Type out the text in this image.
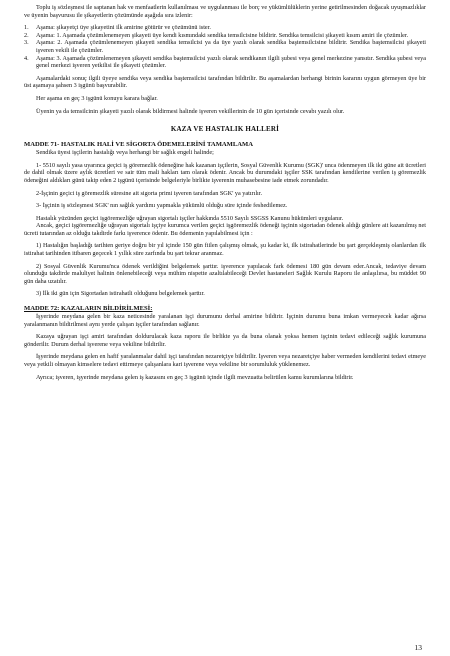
Toplu iş sözleşmesi ile saptanan hak ve menfaatlerin kullanılması ve uygulanması ile borç ve yükümlülüklerin yerine getirilmesinden doğacak uyuşmazlıklar ve üyenin başvurusu ile şikayetlerin çözümünde aşağıda sıra izlenir:

1.	Aşama: şikayetçi üye şikayetini ilk amirine götürür ve çözümünü ister.
2.	Aşama: 1. Aşamada çözümlenemeyen şikayeti üye kendi kısmındaki sendika temsilcisine bildirir. Sendika temsilcisi şikayeti kısım amiri ile çözümler.
3.	Aşama: 2. Aşamada çözümlenemeyen şikayeti sendika temsilcisi ya da üye yazılı olarak sendika baştemsilcisine bildirir. Sendika baştemsilcisi şikayeti işveren vekili ile çözümler.
4.	Aşama: 3. Aşamada çözümlenemeyen şikayeti sendika baştemsilcisi yazılı olarak sendikanın ilgili şubesi veya genel merkezine yansıtır. Sendika şubesi veya genel merkezi işveren yetkilisi ile şikayeti çözümler.

Aşamalardaki sonuç ilgili üyeye sendika veya sendika baştemsilcisi tarafından bildirilir. Bu aşamalardan herhangi birinin kararını uygun görmeyen üye bir üst aşamaya şahsen 3 işgünü başvurabilir.

Her aşama en geç 3 işgünü konuyu karara bağlar.

Üyenin ya da temsilcinin şikayeti yazılı olarak bildirmesi halinde işveren vekillerinin de 10 gün içerisinde cevabı yazılı olur.

KAZA VE HASTALIK HALLERİ
MADDE 71- HASTALIK HALİ VE SİGORTA ÖDEMELERİNİ TAMAMLAMA

Sendika üyesi işçilerin hastalığı veya herhangi bir sağlık engeli halinde;

1- 5510 sayılı yasa uyarınca geçici iş göremezlik ödeneğine hak kazanan işçilerin, Sosyal Güvenlik Kurumu (SGK)' unca ödenmeyen ilk iki güne ait ücretleri de dahil olmak üzere aylık ücretleri ve sair tüm mali hakları tam olarak ödenir. Ancak bu durumdaki işçiler SSK tarafından kendilerine verilen iş göremezlik ödeneğini aldıkları günü takip eden 2 işgünü içerisinde belgeleriyle birlikte işverenin muhasebesine iade etmek zorundadır.

2-İşçinin geçici iş göremezlik süresine ait sigorta primi işveren tarafından SGK' ya yatırılır.

3- İşçinin iş sözleşmesi SGK' nın sağlık yardımı yapmakla yükümlü olduğu süre içinde feshedilemez.

Hastalık yüzünden geçici işgöremezliğe uğrayan sigortalı işçiler hakkında 5510 Sayılı SSGSS Kanunu hükümleri uygulanır.

Ancak, geçici işgöremezliğe uğrayan sigortalı işçiye kurumca verilen geçici işgöremezlik ödeneği işçinin sigortadan ödenek aldığı günlere ait kazanılmış net ücreti tutarından az olduğu takdirde farkı işverence ödenir. Bu ödemenin yapılabilmesi için :

1) Hastalığın başladığı tarihten geriye doğru bir yıl içinde 150 gün fiilen çalışmış olmak, şu kadar ki, ilk istirahatlerinde bu şart gerçekleşmiş olanlardan ilk istirahat tarihinden itibaren geçecek 1 yıllık süre zarfında bu şart tekrar aranmaz.

2) Sosyal Güvenlik Kurumu'nca ödenek verildiğini belgelemek şarttır. işverence yapılacak fark ödemesi 180 gün devam eder.Ancak, tedaviye devam olunduğu takdirde maluliyet halinin önlenebileceği veya mühim nispette azaltılabileceği Devlet hastaneleri Sağlık Kurulu Raporu ile anlaşılırsa, bu müddet 90 gün daha uzatılır.

3) İlk iki gün için Sigortadan istirahatli olduğunu belgelemek şarttır.

MADDE 72: KAZALARIN BİLDİRİLMESİ:

İşyerinde meydana gelen bir kaza neticesinde yaralanan işçi durumunu derhal amirine bildirir. İşçinin durumu buna imkan vermeyecek kadar ağırsa yaralanmanın bildirilmesi aynı yerde çalışan işçiler tarafından sağlanır.

Kazaya uğrayan işçi amiri tarafından doldurulacak kaza raporu ile birlikte ya da buna olanak yoksa hemen işçinin tedavi edileceği sağlık kurumuna gönderilir. Durum derhal işverene veya vekiline bildirilir.

İşyerinde meydana gelen en hafif yaralanmalar dahil işçi tarafından nezaretçiye bildirilir. İşveren veya nezaretçiye haber vermeden kendilerini tedavi etmeye veya yetkili olmayan kimselere tedavi ettirmeye çalışanlara kari işverene veya vekiline bir sorumluluk yüklenemez.

Ayrıca; işveren, işyerinde meydana gelen iş kazasını en geç 3 işgünü içinde ilgili mevzuatta belirtilen kamu kurumlarına bildirir.

13
